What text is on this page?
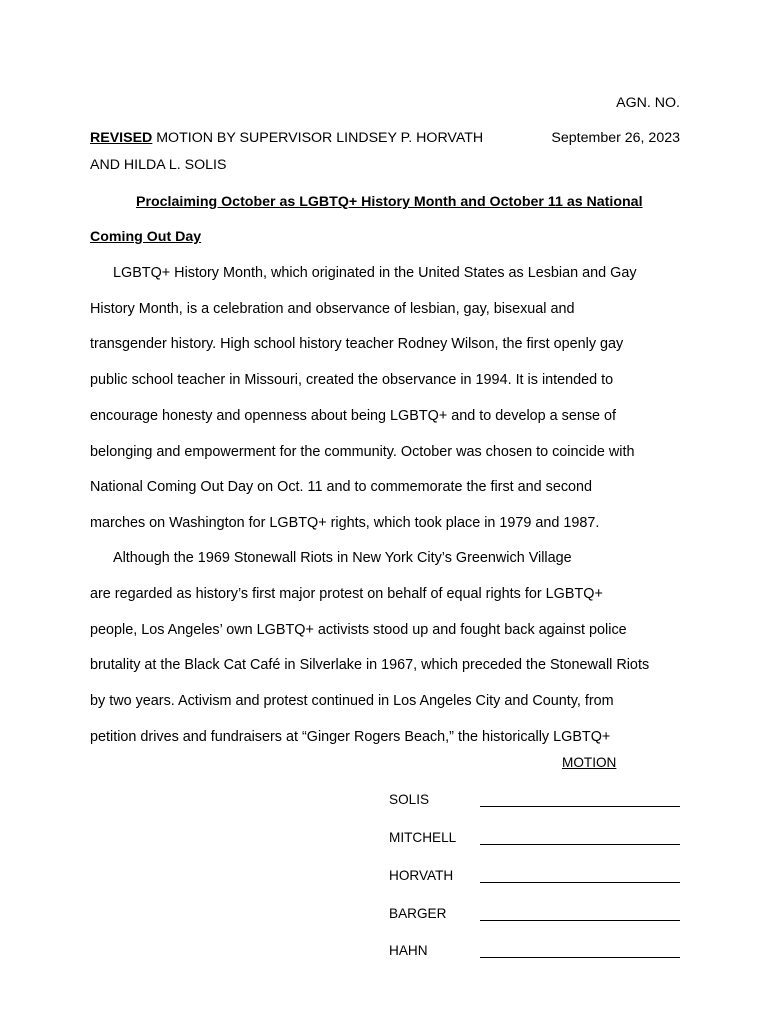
AGN. NO.
REVISED MOTION BY SUPERVISOR LINDSEY P. HORVATH	September 26, 2023
AND HILDA L. SOLIS
Proclaiming October as LGBTQ+ History Month and October 11 as National
Coming Out Day
LGBTQ+ History Month, which originated in the United States as Lesbian and Gay
History Month, is a celebration and observance of lesbian, gay, bisexual and
transgender history. High school history teacher Rodney Wilson, the first openly gay
public school teacher in Missouri, created the observance in 1994. It is intended to
encourage honesty and openness about being LGBTQ+ and to develop a sense of
belonging and empowerment for the community. October was chosen to coincide with
National Coming Out Day on Oct. 11 and to commemorate the first and second
marches on Washington for LGBTQ+ rights, which took place in 1979 and 1987.
Although the 1969 Stonewall Riots in New York City’s Greenwich Village
are regarded as history’s first major protest on behalf of equal rights for LGBTQ+
people, Los Angeles’ own LGBTQ+ activists stood up and fought back against police
brutality at the Black Cat Café in Silverlake in 1967, which preceded the Stonewall Riots
by two years. Activism and protest continued in Los Angeles City and County, from
petition drives and fundraisers at “Ginger Rogers Beach,” the historically LGBTQ+
MOTION
SOLIS
MITCHELL
HORVATH
BARGER
HAHN
